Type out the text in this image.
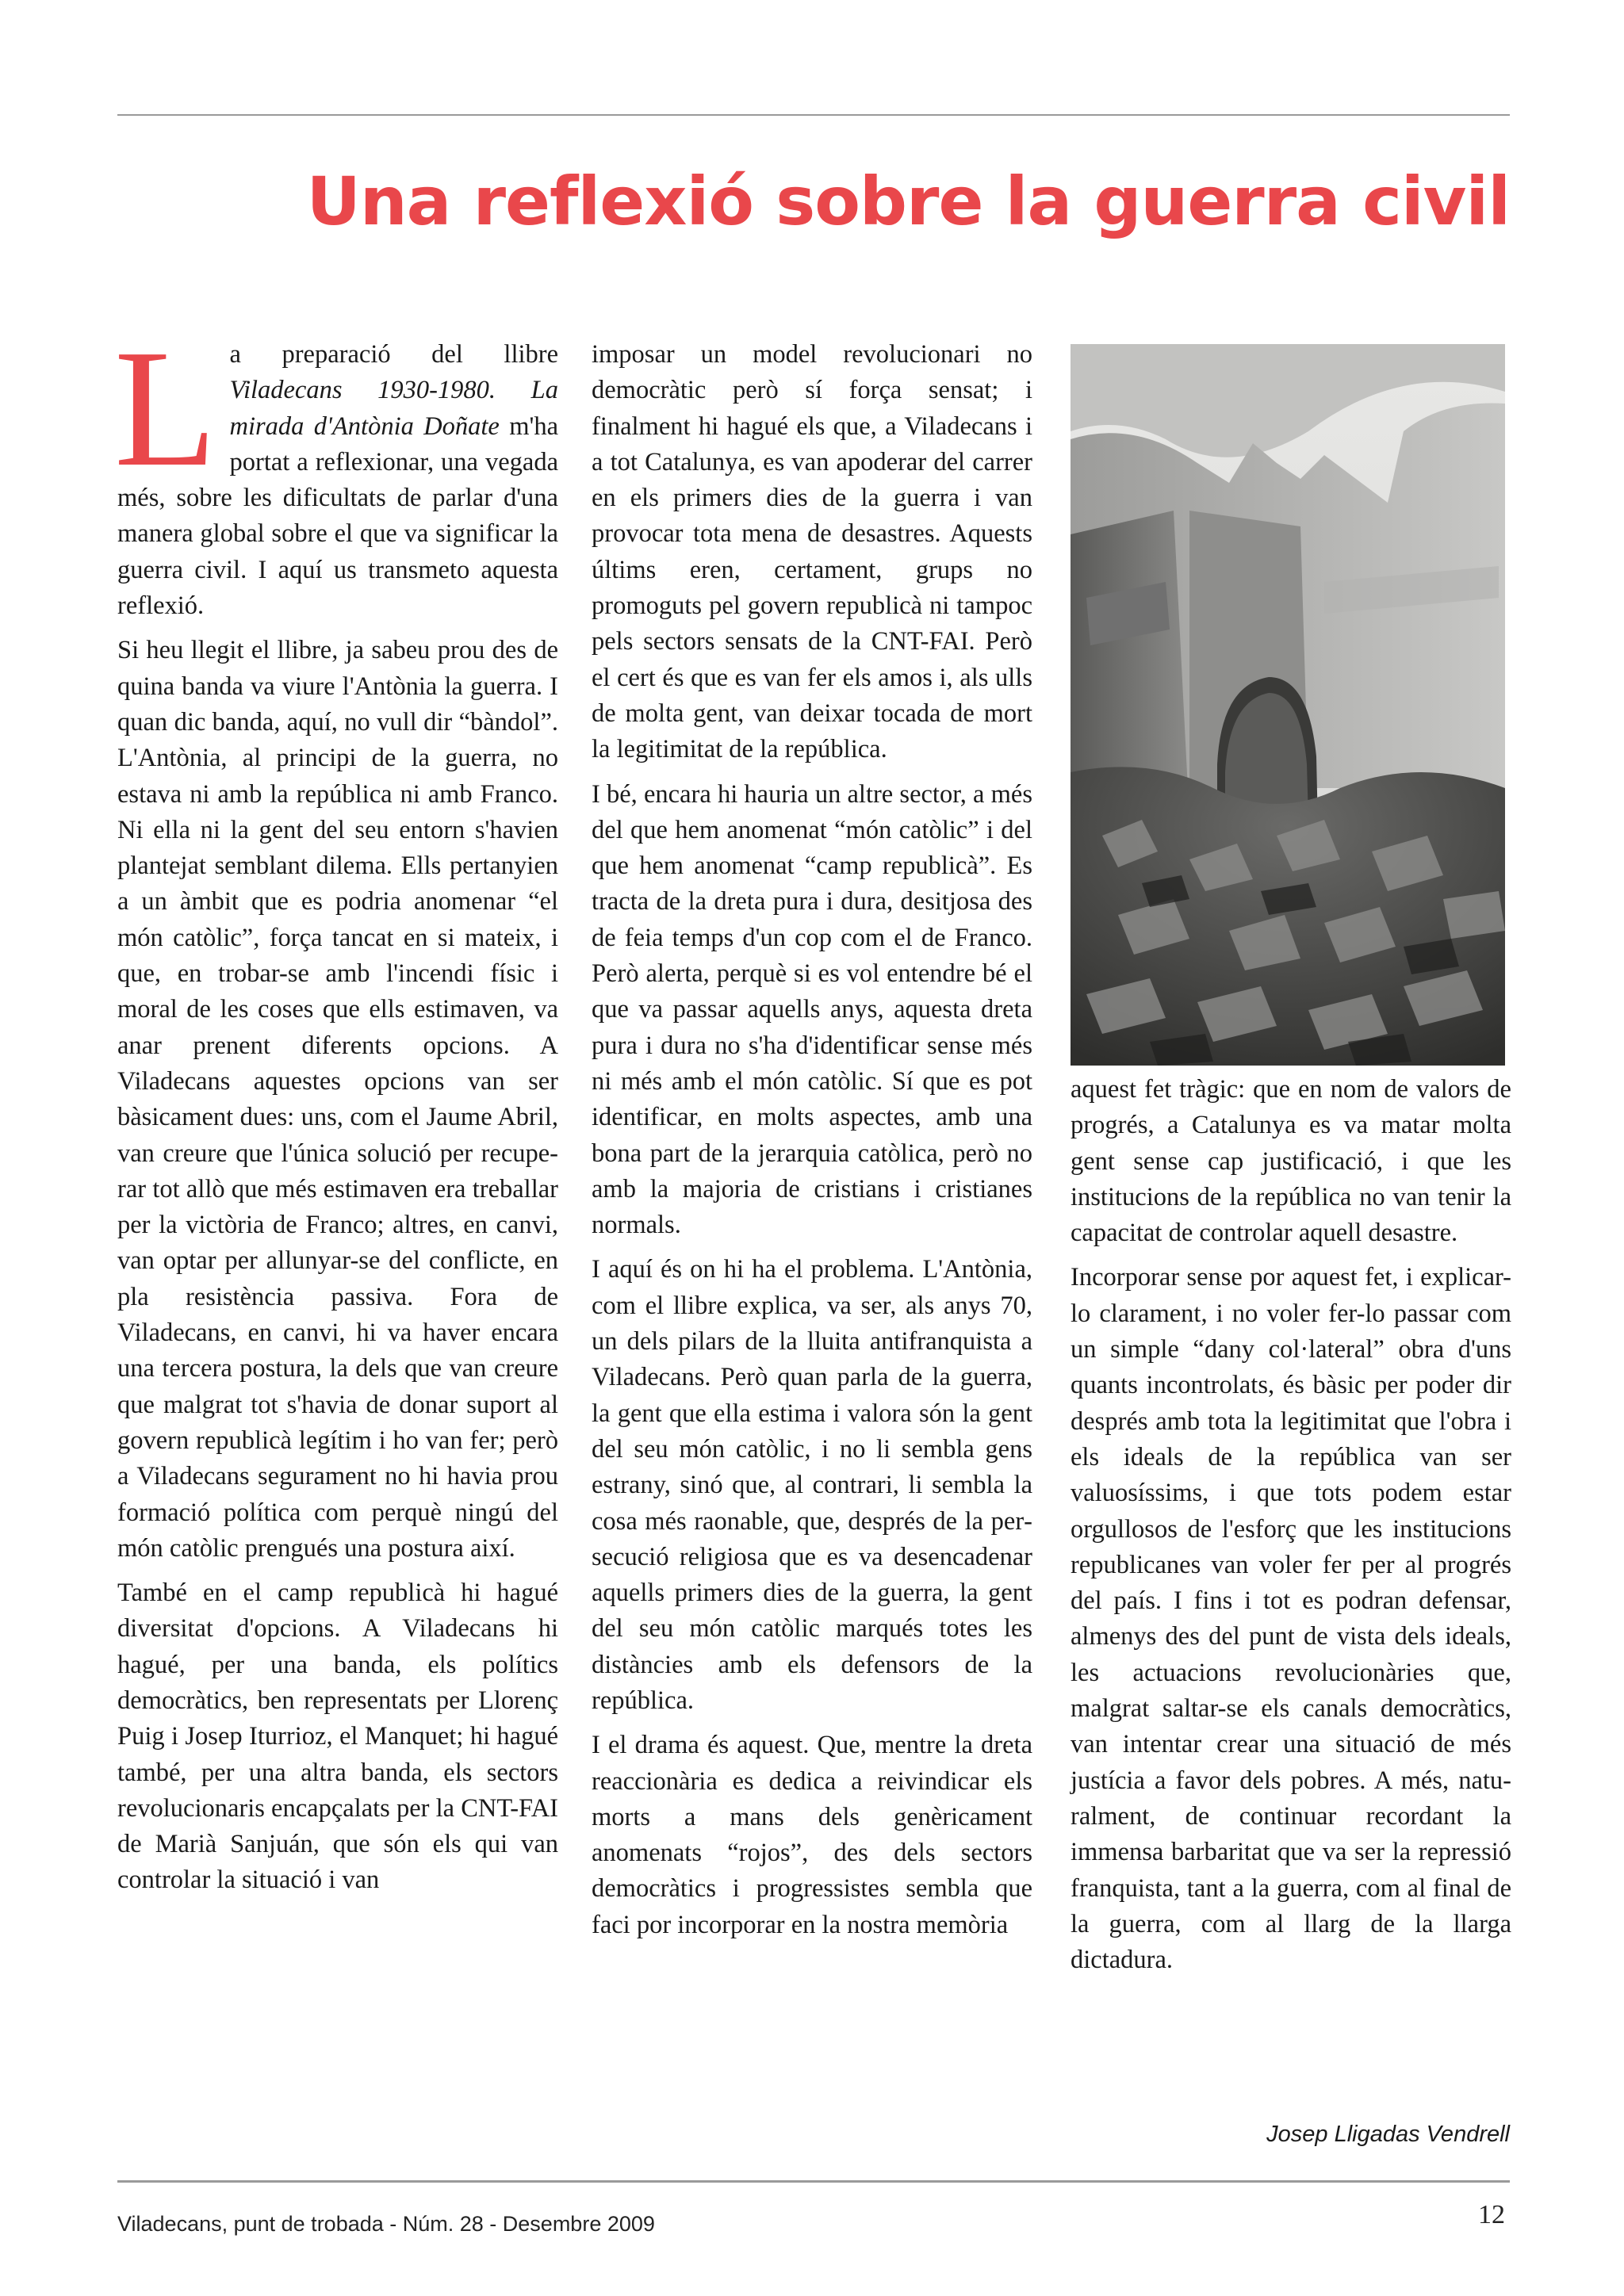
Una reflexió sobre la guerra civil
L a preparació del llibre Viladecans 1930-1980. La mirada d'Antònia Doñate m'ha portat a reflexionar, una vegada més, sobre les dificultats de parlar d'una manera global sobre el que va significar la guerra civil. I aquí us transmeto aquesta reflexió.

Si heu llegit el llibre, ja sabeu prou des de quina banda va viure l'Antònia la guerra. I quan dic banda, aquí, no vull dir “bàndol”. L'Antònia, al principi de la guerra, no estava ni amb la república ni amb Franco. Ni ella ni la gent del seu entorn s'havien plantejat semblant dilema. Ells pertanyien a un àmbit que es podria anomenar “el món catòlic”, força tancat en si mateix, i que, en trobar-se amb l'incendi físic i moral de les coses que ells estimaven, va anar prenent diferents opcions. A Viladecans aquestes opcions van ser bàsicament dues: uns, com el Jaume Abril, van creure que l'única solució per recuperar tot allò que més estimaven era treballar per la victòria de Franco; altres, en canvi, van optar per allunyar-se del conflicte, en pla resistència passiva. Fora de Viladecans, en canvi, hi va haver encara una tercera postura, la dels que van creure que malgrat tot s'havia de donar suport al govern republicà legítim i ho van fer; però a Viladecans segurament no hi havia prou formació política com perquè ningú del món catòlic prengués una postura així.

També en el camp republicà hi hagué diversitat d'opcions. A Viladecans hi hagué, per una banda, els polítics democràtics, ben representats per Llorenç Puig i Josep Iturrioz, el Manquet; hi hagué també, per una altra banda, els sectors revolucionaris encapçalats per la CNT-FAI de Marià Sanjuán, que són els qui van controlar la situació i van

imposar un model revolucionari no democràtic però sí força sensat; i finalment hi hagué els que, a Viladecans i a tot Catalunya, es van apoderar del carrer en els primers dies de la guerra i van provocar tota mena de desastres. Aquests últims eren, certament, grups no promoguts pel govern republicà ni tampoc pels sectors sensats de la CNT-FAI. Però el cert és que es van fer els amos i, als ulls de molta gent, van deixar tocada de mort la legitimitat de la república.

I bé, encara hi hauria un altre sector, a més del que hem anomenat “món catòlic” i del que hem anomenat “camp republicà”. Es tracta de la dreta pura i dura, desitjosa des de feia temps d'un cop com el de Franco. Però alerta, perquè si es vol entendre bé el que va passar aquells anys, aquesta dreta pura i dura no s'ha d'identificar sense més ni més amb el món catòlic. Sí que es pot identificar, en molts aspectes, amb una bona part de la jerarquia catòlica, però no amb la majoria de cristians i cristianes normals.

I aquí és on hi ha el problema. L'Antònia, com el llibre explica, va ser, als anys 70, un dels pilars de la lluita antifranquista a Viladecans. Però quan parla de la guerra, la gent que ella estima i valora són la gent del seu món catòlic, i no li sembla gens estrany, sinó que, al contrari, li sembla la cosa més raonable, que, després de la persecució religiosa que es va desencadenar aquells primers dies de la guerra, la gent del seu món catòlic marqués totes les distàncies amb els defensors de la república.

I el drama és aquest. Que, mentre la dreta reaccionària es dedica a reivindicar els morts a mans dels genèricament anomenats “rojos”, des dels sectors democràtics i progressistes sembla que faci por incorporar en la nostra memòria

aquest fet tràgic: que en nom de valors de progrés, a Catalunya es va matar molta gent sense cap justificació, i que les institucions de la república no van tenir la capacitat de controlar aquell desastre.

Incorporar sense por aquest fet, i explicar-lo clarament, i no voler fer-lo passar com un simple “dany col·lateral” obra d'uns quants incontrolats, és bàsic per poder dir després amb tota la legitimitat que l'obra i els ideals de la república van ser valuosíssims, i que tots podem estar orgullosos de l'esforç que les institucions republicanes van voler fer per al progrés del país. I fins i tot es podran defensar, almenys des del punt de vista dels ideals, les actuacions revolucionàries que, malgrat saltar-se els canals democràtics, van intentar crear una situació de més justícia a favor dels pobres. A més, naturalment, de continuar recordant la immensa barbaritat que va ser la repressió franquista, tant a la guerra, com al final de la guerra, com al llarg de la llarga dictadura.

Josep Lligadas Vendrell
Viladecans, punt de trobada - Núm. 28 - Desembre 2009	12
